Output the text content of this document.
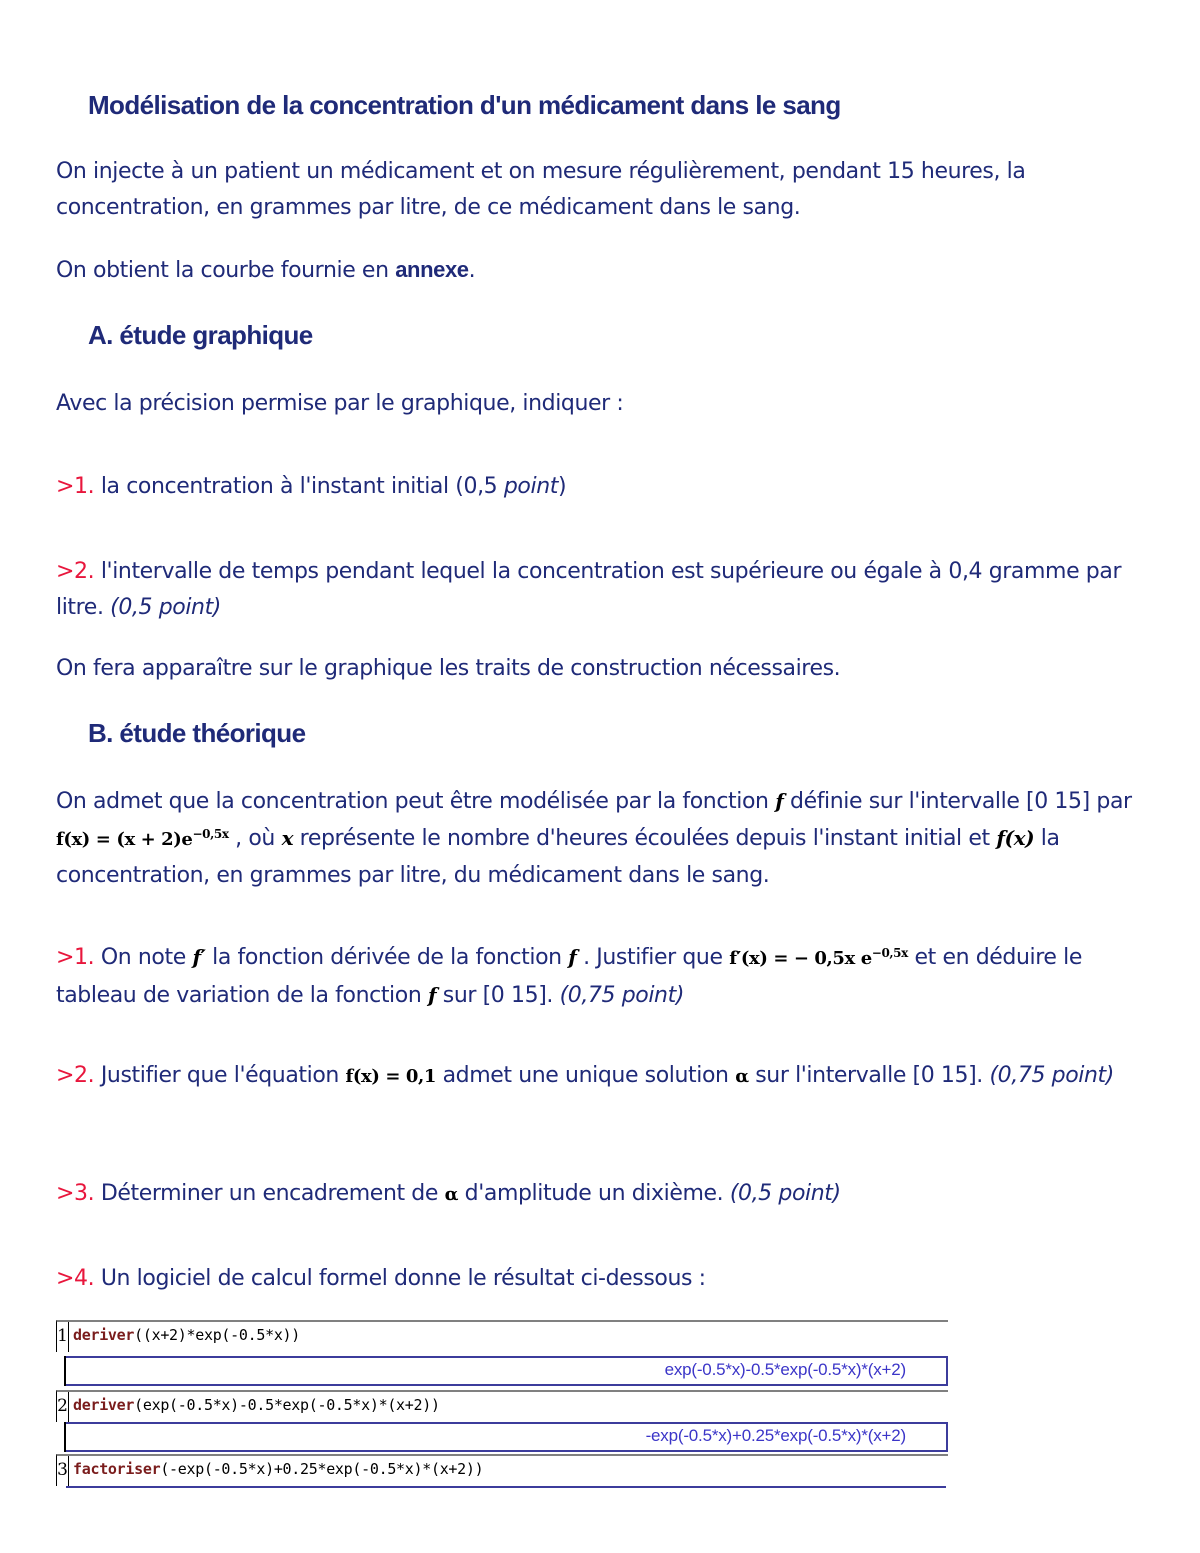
Modélisation de la concentration d'un médicament dans le sang
On injecte à un patient un médicament et on mesure régulièrement, pendant 15 heures, la concentration, en grammes par litre, de ce médicament dans le sang.
On obtient la courbe fournie en annexe.
A. étude graphique
Avec la précision permise par le graphique, indiquer :
>1. la concentration à l'instant initial (0,5 point)
>2. l'intervalle de temps pendant lequel la concentration est supérieure ou égale à 0,4 gramme par litre. (0,5 point)
On fera apparaître sur le graphique les traits de construction nécessaires.
B. étude théorique
On admet que la concentration peut être modélisée par la fonction f définie sur l'intervalle [0 15] par $f(x) = (x + 2)e^{-0,5x}$ , où x représente le nombre d'heures écoulées depuis l'instant initial et f(x) la concentration, en grammes par litre, du médicament dans le sang.
>1. On note f′ la fonction dérivée de la fonction f . Justifier que f′(x) = − 0,5x $e^{-0,5x}$ et en déduire le tableau de variation de la fonction f sur [0 15]. (0,75 point)
>2. Justifier que l'équation f(x) = 0,1 admet une unique solution α sur l'intervalle [0 15]. (0,75 point)
>3. Déterminer un encadrement de α d'amplitude un dixième. (0,5 point)
>4. Un logiciel de calcul formel donne le résultat ci-dessous :
1 deriver((x+2)*exp(-0.5*x))
exp(-0.5*x)-0.5*exp(-0.5*x)*(x+2)
2 deriver(exp(-0.5*x)-0.5*exp(-0.5*x)*(x+2))
-exp(-0.5*x)+0.25*exp(-0.5*x)*(x+2)
3 factoriser(-exp(-0.5*x)+0.25*exp(-0.5*x)*(x+2))
